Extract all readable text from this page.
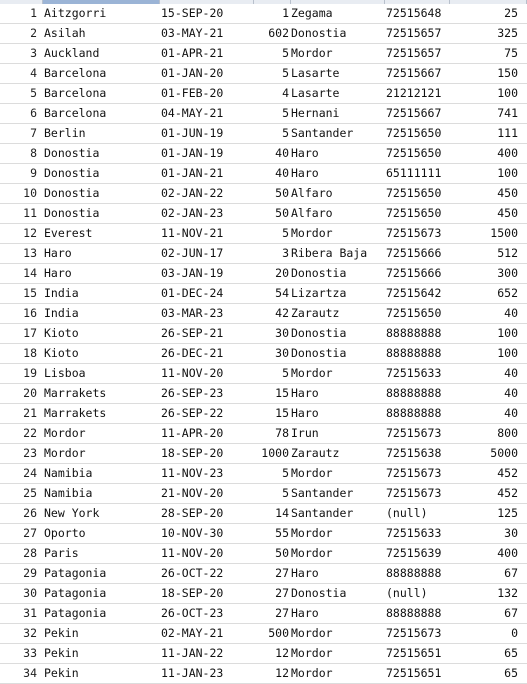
1 Aitzgorri	15-SEP-20	1 Zegama	72515648	25
2 Asilah	03-MAY-21	602 Donostia	72515657	325
3 Auckland	01-APR-21	5 Mordor	72515657	75
4 Barcelona	01-JAN-20	5 Lasarte	72515667	150
5 Barcelona	01-FEB-20	4 Lasarte	21212121	100
6 Barcelona	04-MAY-21	5 Hernani	72515667	741
7 Berlin	01-JUN-19	5 Santander	72515650	111
8 Donostia	01-JAN-19	40 Haro	72515650	400
9 Donostia	01-JAN-21	40 Haro	65111111	100
10 Donostia	02-JAN-22	50 Alfaro	72515650	450
11 Donostia	02-JAN-23	50 Alfaro	72515650	450
12 Everest	11-NOV-21	5 Mordor	72515673	1500
13 Haro	02-JUN-17	3 Ribera Baja	72515666	512
14 Haro	03-JAN-19	20 Donostia	72515666	300
15 India	01-DEC-24	54 Lizartza	72515642	652
16 India	03-MAR-23	42 Zarautz	72515650	40
17 Kioto	26-SEP-21	30 Donostia	88888888	100
18 Kioto	26-DEC-21	30 Donostia	88888888	100
19 Lisboa	11-NOV-20	5 Mordor	72515633	40
20 Marrakets	26-SEP-23	15 Haro	88888888	40
21 Marrakets	26-SEP-22	15 Haro	88888888	40
22 Mordor	11-APR-20	78 Irun	72515673	800
23 Mordor	18-SEP-20	1000 Zarautz	72515638	5000
24 Namibia	11-NOV-23	5 Mordor	72515673	452
25 Namibia	21-NOV-20	5 Santander	72515673	452
26 New York	28-SEP-20	14 Santander	(null)	125
27 Oporto	10-NOV-30	55 Mordor	72515633	30
28 Paris	11-NOV-20	50 Mordor	72515639	400
29 Patagonia	26-OCT-22	27 Haro	88888888	67
30 Patagonia	18-SEP-20	27 Donostia	(null)	132
31 Patagonia	26-OCT-23	27 Haro	88888888	67
32 Pekin	02-MAY-21	500 Mordor	72515673	0
33 Pekin	11-JAN-22	12 Mordor	72515651	65
34 Pekin	11-JAN-23	12 Mordor	72515651	65
